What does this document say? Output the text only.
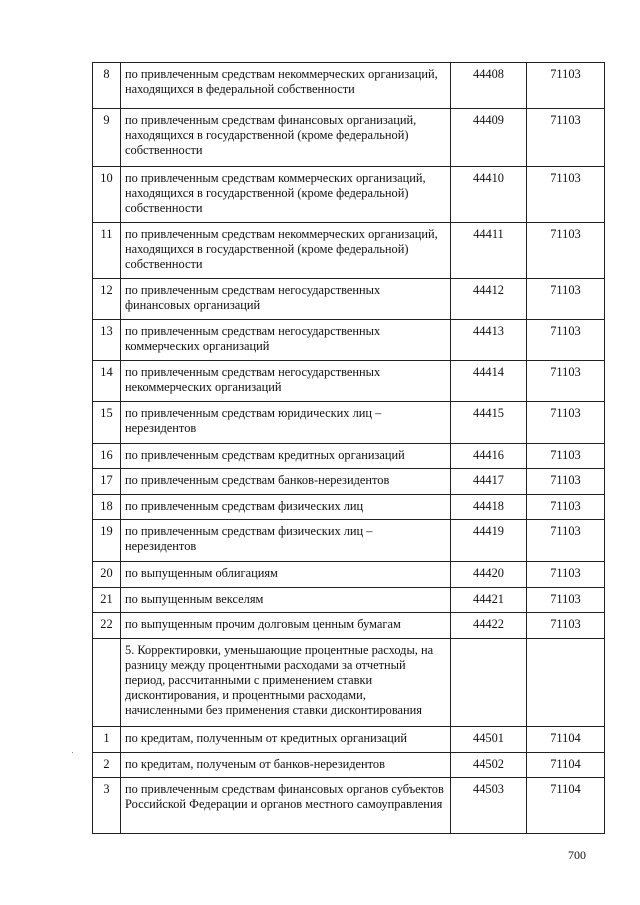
8	по привлеченным средствам некоммерческих организаций, находящихся в федеральной собственности	44408	71103
9	по привлеченным средствам финансовых организаций, находящихся в государственной (кроме федеральной) собственности	44409	71103
10	по привлеченным средствам коммерческих организаций, находящихся в государственной (кроме федеральной) собственности	44410	71103
11	по привлеченным средствам некоммерческих организаций, находящихся в государственной (кроме федеральной) собственности	44411	71103
12	по привлеченным средствам негосударственных финансовых организаций	44412	71103
13	по привлеченным средствам негосударственных коммерческих организаций	44413	71103
14	по привлеченным средствам негосударственных некоммерческих организаций	44414	71103
15	по привлеченным средствам юридических лиц – нерезидентов	44415	71103
16	по привлеченным средствам кредитных организаций	44416	71103
17	по привлеченным средствам банков-нерезидентов	44417	71103
18	по привлеченным средствам физических лиц	44418	71103
19	по привлеченным средствам физических лиц – нерезидентов	44419	71103
20	по выпущенным облигациям	44420	71103
21	по выпущенным векселям	44421	71103
22	по выпущенным прочим долговым ценным бумагам	44422	71103
	5. Корректировки, уменьшающие процентные расходы, на разницу между процентными расходами за отчетный период, рассчитанными с применением ставки дисконтирования, и процентными расходами, начисленными без применения ставки дисконтирования		
1	по кредитам, полученным от кредитных организаций	44501	71104
2	по кредитам, полученым от банков-нерезидентов	44502	71104
3	по привлеченным средствам финансовых органов субъектов Российской Федерации и органов местного самоуправления	44503	71104
700
